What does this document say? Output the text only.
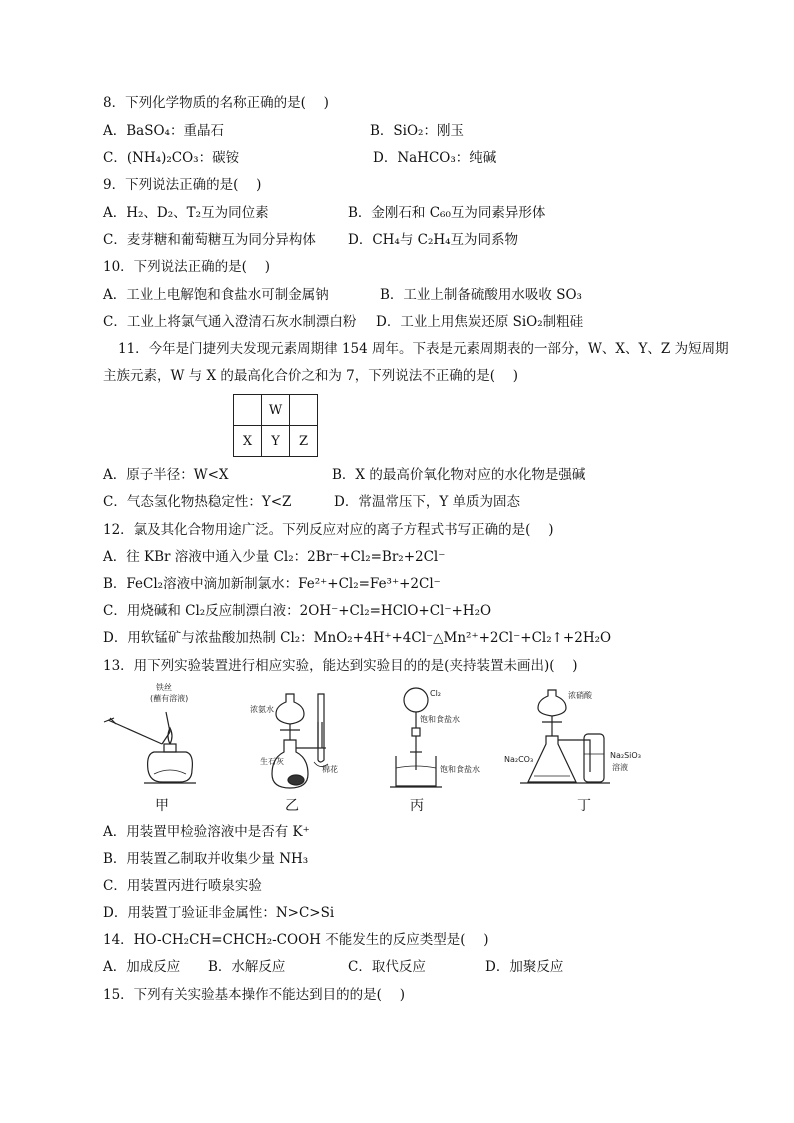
8．下列化学物质的名称正确的是(　 )
A．BaSO₄：重晶石	B．SiO₂：刚玉
C．(NH₄)₂CO₃：碳铵	D．NaHCO₃：纯碱
9．下列说法正确的是(　 )
A．H₂、D₂、T₂互为同位素	B．金刚石和 C₆₀互为同素异形体
C．麦芽糖和葡萄糖互为同分异构体 D．CH₄与 C₂H₄互为同系物
10．下列说法正确的是(　 )
A．工业上电解饱和食盐水可制金属钠	B．工业上制备硫酸用水吸收 SO₃
C．工业上将氯气通入澄清石灰水制漂白粉 D．工业上用焦炭还原 SiO₂制粗硅
11．今年是门捷列夫发现元素周期律 154 周年。下表是元素周期表的一部分，W、X、Y、Z 为短周期
主族元素，W 与 X 的最高化合价之和为 7，下列说法不正确的是(　 )
	W	
X	Y	Z
A．原子半径：W<X	B．X 的最高价氧化物对应的水化物是强碱
C．气态氢化物热稳定性：Y<Z	D．常温常压下，Y 单质为固态
12．氯及其化合物用途广泛。下列反应对应的离子方程式书写正确的是(　 )
A．往 KBr 溶液中通入少量 Cl₂：2Br⁻+Cl₂=Br₂+2Cl⁻
B．FeCl₂溶液中滴加新制氯水：Fe²⁺+Cl₂=Fe³⁺+2Cl⁻
C．用烧碱和 Cl₂反应制漂白液：2OH⁻+Cl₂=HClO+Cl⁻+H₂O
D．用软锰矿与浓盐酸加热制 Cl₂：MnO₂+4H⁺+4Cl⁻△Mn²⁺+2Cl⁻+Cl₂↑+2H₂O
13．用下列实验装置进行相应实验，能达到实验目的的是(夹持装置未画出)(　 )
铁丝
(蘸有溶液)
浓氨水
棉花
生石灰
Cl₂
饱和食盐水
饱和食盐水
浓硝酸
Na₂CO₃	Na₂SiO₃
溶液
甲	乙	丙	丁
A．用装置甲检验溶液中是否有 K⁺
B．用装置乙制取并收集少量 NH₃
C．用装置丙进行喷泉实验
D．用装置丁验证非金属性：N>C>Si
14．HO-CH₂CH=CHCH₂-COOH 不能发生的反应类型是(　 )
A．加成反应 B．水解反应	C．取代反应	D．加聚反应
15．下列有关实验基本操作不能达到目的的是(　 )
